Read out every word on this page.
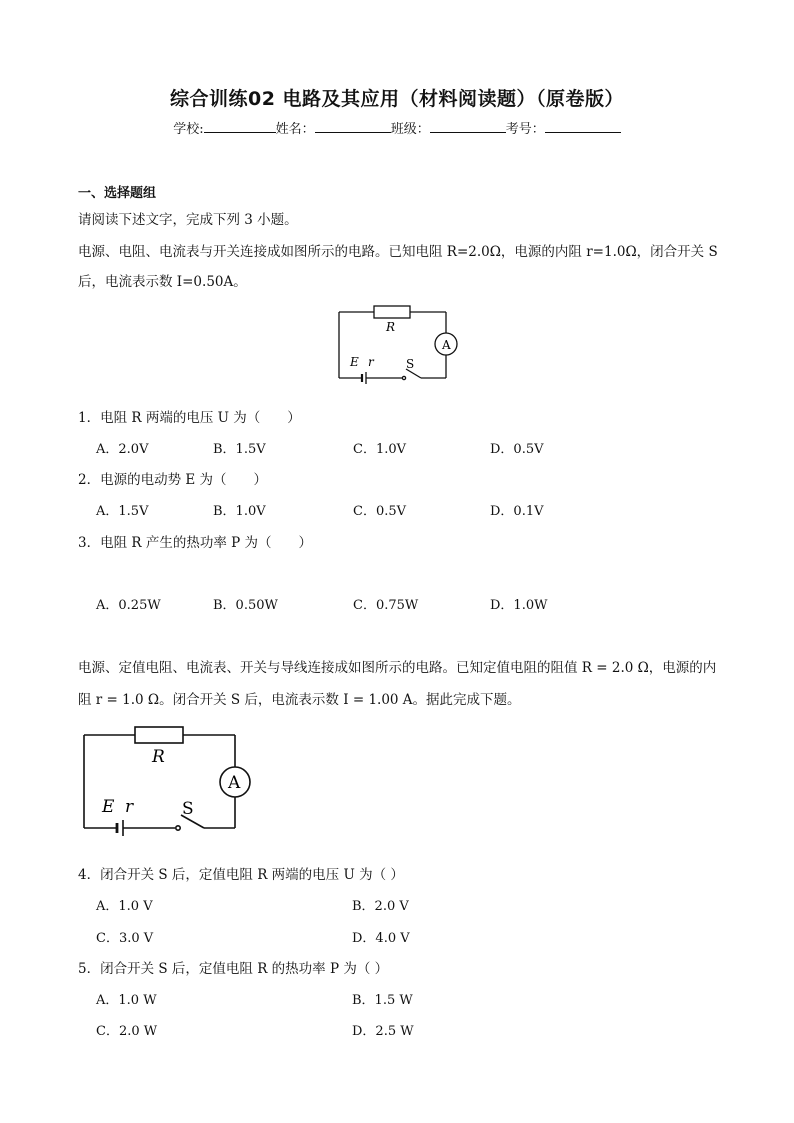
综合训练02 电路及其应用（材料阅读题）（原卷版）
学校:	姓名：	班级：	考号：
一、选择题组
请阅读下述文字，完成下列 3 小题。
电源、电阻、电流表与开关连接成如图所示的电路。已知电阻 R=2.0Ω，电源的内阻 r=1.0Ω，闭合开关 S
后，电流表示数 I=0.50A。
R
A
E r	S
1．电阻 R 两端的电压 U 为（　　）
A．2.0V	B．1.5V	C．1.0V	D．0.5V
2．电源的电动势 E 为（　　）
A．1.5V	B．1.0V	C．0.5V	D．0.1V
3．电阻 R 产生的热功率 P 为（　　）
A．0.25W	B．0.50W	C．0.75W	D．1.0W
电源、定值电阻、电流表、开关与导线连接成如图所示的电路。已知定值电阻的阻值 R = 2.0 Ω，电源的内
阻 r = 1.0 Ω。闭合开关 S 后，电流表示数 I = 1.00 A。据此完成下题。
R
A
E r	S
4．闭合开关 S 后，定值电阻 R 两端的电压 U 为（ ）
A．1.0 V	B．2.0 V
C．3.0 V	D．4.0 V
5．闭合开关 S 后，定值电阻 R 的热功率 P 为（ ）
A．1.0 W	B．1.5 W
C．2.0 W	D．2.5 W
